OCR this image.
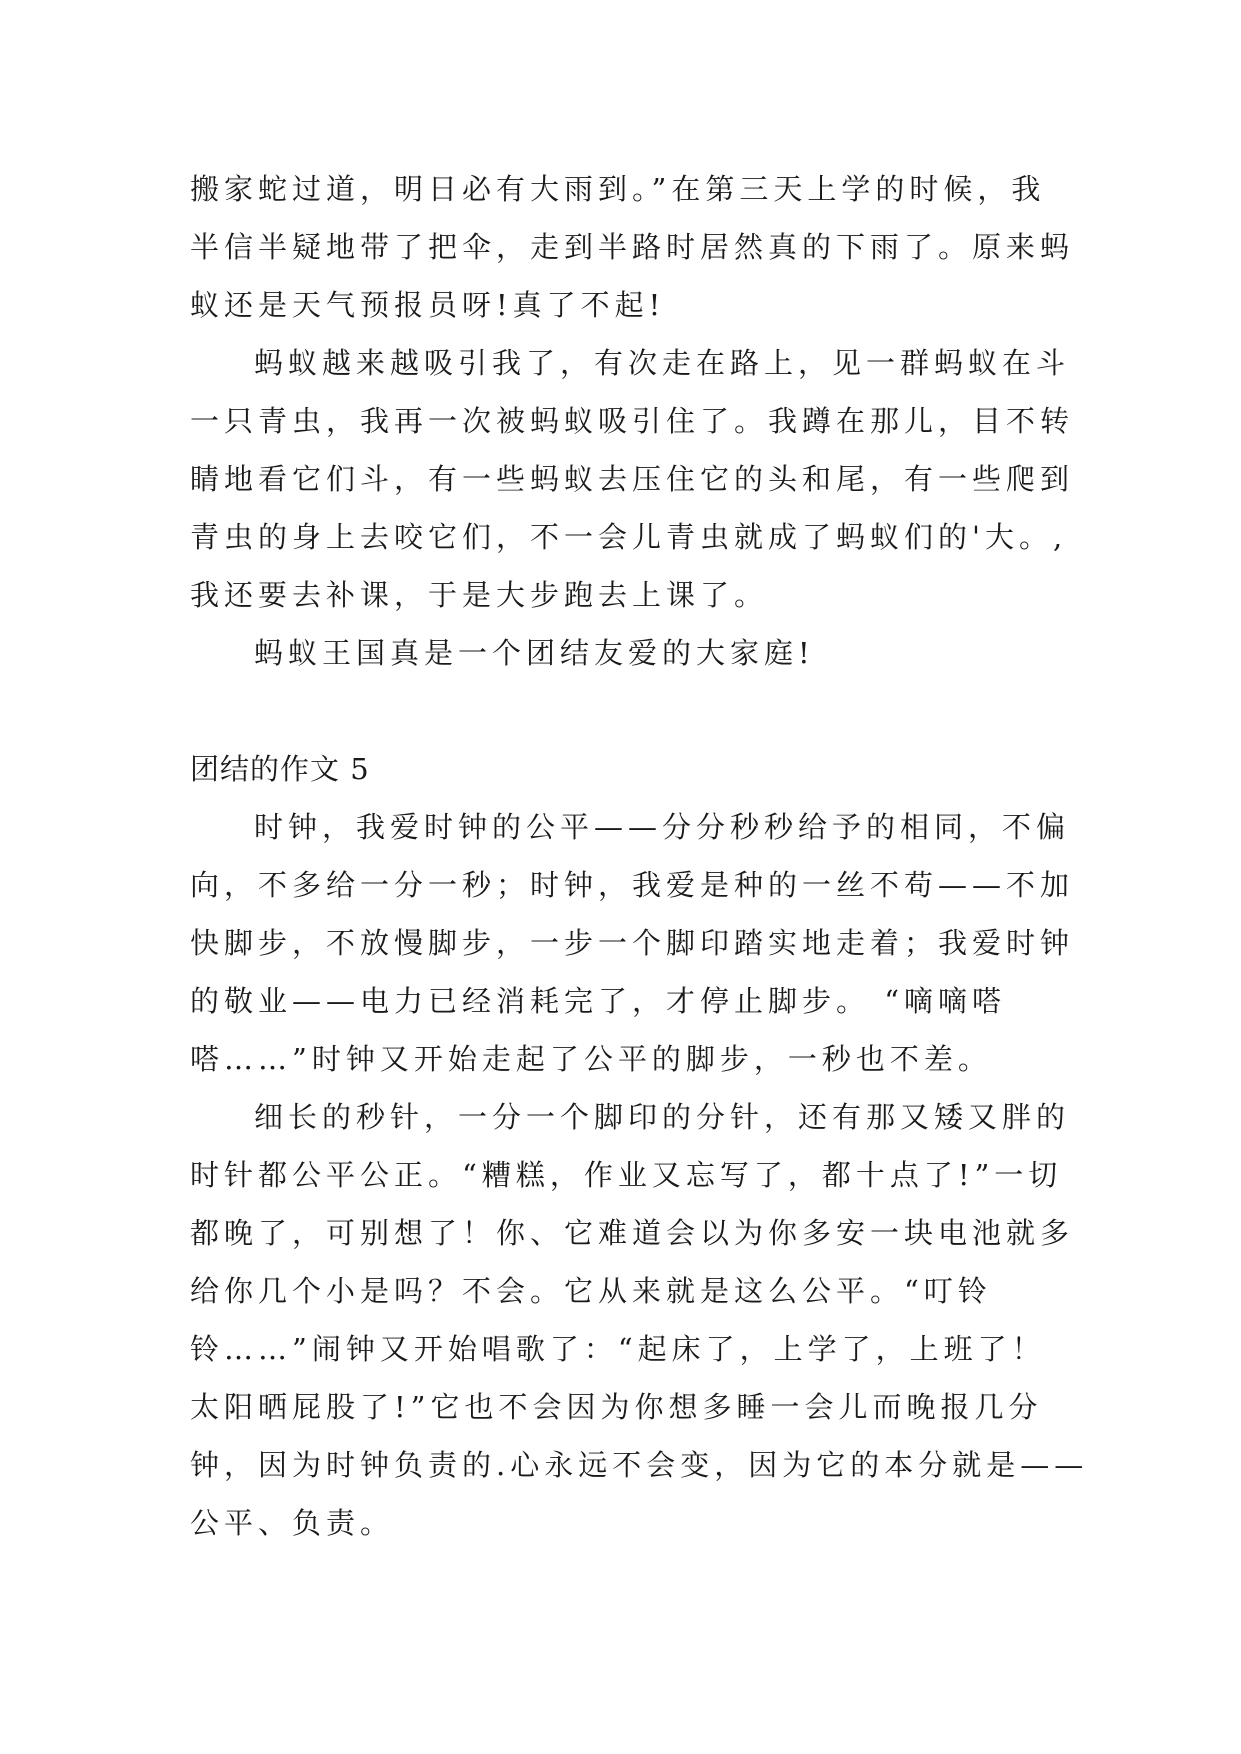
搬家蛇过道，明日必有大雨到。”在第三天上学的时候，我
半信半疑地带了把伞，走到半路时居然真的下雨了。原来蚂
蚁还是天气预报员呀!真了不起!
蚂蚁越来越吸引我了，有次走在路上，见一群蚂蚁在斗
一只青虫，我再一次被蚂蚁吸引住了。我蹲在那儿，目不转
睛地看它们斗，有一些蚂蚁去压住它的头和尾，有一些爬到
青虫的身上去咬它们，不一会儿青虫就成了蚂蚁们的'大。,
我还要去补课，于是大步跑去上课了。
蚂蚁王国真是一个团结友爱的大家庭!
团结的作文 5
时钟，我爱时钟的公平——分分秒秒给予的相同，不偏
向，不多给一分一秒；时钟，我爱是种的一丝不苟——不加
快脚步，不放慢脚步，一步一个脚印踏实地走着；我爱时钟
的敬业——电力已经消耗完了，才停止脚步。 “嘀嘀嗒
嗒……”时钟又开始走起了公平的脚步，一秒也不差。
细长的秒针，一分一个脚印的分针，还有那又矮又胖的
时针都公平公正。“糟糕，作业又忘写了，都十点了!”一切
都晚了，可别想了！你、它难道会以为你多安一块电池就多
给你几个小是吗？不会。它从来就是这么公平。“叮铃
铃……”闹钟又开始唱歌了：“起床了，上学了，上班了！
太阳晒屁股了!”它也不会因为你想多睡一会儿而晚报几分
钟，因为时钟负责的.心永远不会变，因为它的本分就是——
公平、负责。
